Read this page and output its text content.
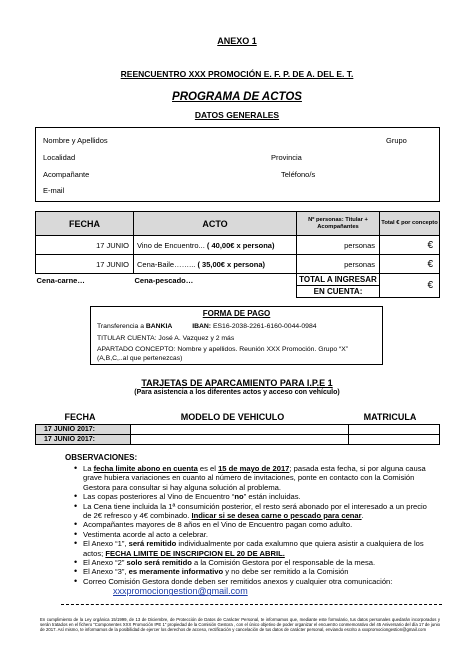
ANEXO 1
REENCUENTRO XXX PROMOCIÓN E. F. P. DE A. DEL E. T.
PROGRAMA DE ACTOS
DATOS GENERALES
Nombre y Apellidos	Grupo
Localidad	Provincia
Acompañante	Teléfono/s
E-mail
FECHA	ACTO	Nº personas: Titular + Acompañantes	Total € por concepto
17 JUNIO	Vino de Encuentro... ( 40,00€ x persona)	personas	€
17 JUNIO	Cena-Baile……... ( 35,00€ x persona)	personas	€
Cena-carne…	Cena-pescado…	TOTAL A INGRESAR	€
		EN CUENTA:	
FORMA DE PAGO
Transferencia a BANKIA	IBAN: ES16-2038-2261-6160-0044-0984
TITULAR CUENTA: José A. Vazquez y 2 más
APARTADO CONCEPTO: Nombre y apellidos. Reunión XXX Promoción. Grupo “X” (A,B,C,..al que pertenezcas)
TARJETAS DE APARCAMIENTO PARA I.P.E 1
(Para asistencia a los diferentes actos y acceso con vehículo)
FECHA	MODELO DE VEHICULO	MATRICULA
17 JUNIO 2017:		
17 JUNIO 2017:		
OBSERVACIONES:
• La fecha limite abono en cuenta es el 15 de mayo de 2017; pasada esta fecha, si por alguna causa grave hubiera variaciones en cuanto al número de invitaciones, ponte en contacto con la Comisión Gestora para consultar si hay alguna solución al problema.
• Las copas posteriores al Vino de Encuentro “no” están incluidas.
• La Cena tiene incluida la 1ª consumición posterior, el resto será abonado por el interesado a un precio de 2€ refresco y 4€ combinado. Indicar si se desea carne o pescado para cenar.
• Acompañantes mayores de 8 años en el Vino de Encuentro pagan como adulto.
• Vestimenta acorde al acto a celebrar.
• El Anexo “1”, será remitido individualmente por cada exalumno que quiera asistir a cualquiera de los actos; FECHA LIMITE DE INSCRIPCION EL 20 DE ABRIL.
• El Anexo “2” solo será remitido a la Comisión Gestora por el responsable de la mesa.
• El Anexo “3”, es meramente informativo y no debe ser remitido a la Comisión
• Correo Comisión Gestora donde deben ser remitidos anexos y cualquier otra comunicación:
xxxpromociongestion@gmail.com
En cumplimiento de la Ley orgánica 15/1999, de 13 de Diciembre, de Protección de Datos de Carácter Personal, te informamos que, mediante este formulario, tus datos personales quedarán incorporados y serán tratados en el fichero “Componentes XXX Promoción IPE 1” propiedad de la Comisión Gestora , con el único objetivo de poder organizar el encuentro conmemorativo del 45 Aniversario del día 17 de junio de 2017. Así mismo, te informamos de la posibilidad de ejercer los derechos de acceso, rectificación y cancelación de tus datos de carácter personal, enviando escrito a xxxpromociongestion@gmail.com
